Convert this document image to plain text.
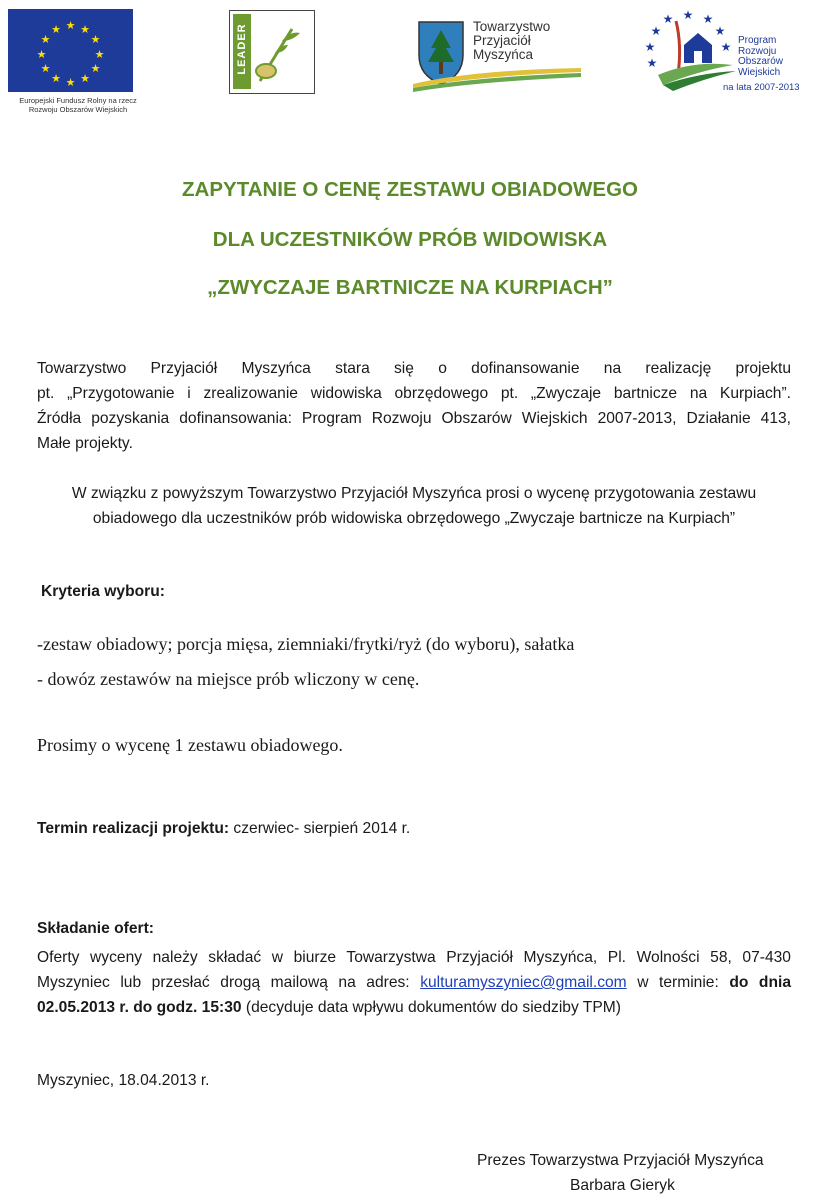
★ ★
★
★
★
★
★
★
★
★
★
★
Europejski Fundusz Rolny na rzecz
Rozwoju Obszarów Wiejskich
LEADER	Towarzystwo
Przyjaciół
Myszyńca
★ ★
★
★
★
★
★
★ Program
Rozwoju
Obszarów
Wiejskich
na lata 2007-2013
ZAPYTANIE O CENĘ ZESTAWU OBIADOWEGO
DLA UCZESTNIKÓW PRÓB WIDOWISKA
„ZWYCZAJE BARTNICZE NA KURPIACH”
Towarzystwo Przyjaciół Myszyńca stara się o dofinansowanie na realizację projektu
pt. „Przygotowanie i zrealizowanie widowiska obrzędowego pt. „Zwyczaje bartnicze na Kurpiach”.
Źródła pozyskania dofinansowania: Program Rozwoju Obszarów Wiejskich 2007-2013, Działanie 413,
Małe projekty.
W związku z powyższym Towarzystwo Przyjaciół Myszyńca prosi o wycenę przygotowania zestawu
obiadowego dla uczestników prób widowiska obrzędowego „Zwyczaje bartnicze na Kurpiach”
Kryteria wyboru:
-zestaw obiadowy; porcja mięsa, ziemniaki/frytki/ryż (do wyboru), sałatka
- dowóz zestawów na miejsce prób wliczony w cenę.
Prosimy o wycenę 1 zestawu obiadowego.
Termin realizacji projektu: czerwiec- sierpień 2014 r.
Składanie ofert:
Oferty wyceny należy składać w biurze Towarzystwa Przyjaciół Myszyńca, Pl. Wolności 58, 07-430
Myszyniec lub przesłać drogą mailową na adres: kulturamyszyniec@gmail.com w terminie: do dnia
02.05.2013 r. do godz. 15:30 (decyduje data wpływu dokumentów do siedziby TPM)
Myszyniec, 18.04.2013 r.
Prezes Towarzystwa Przyjaciół Myszyńca
Barbara Gieryk
